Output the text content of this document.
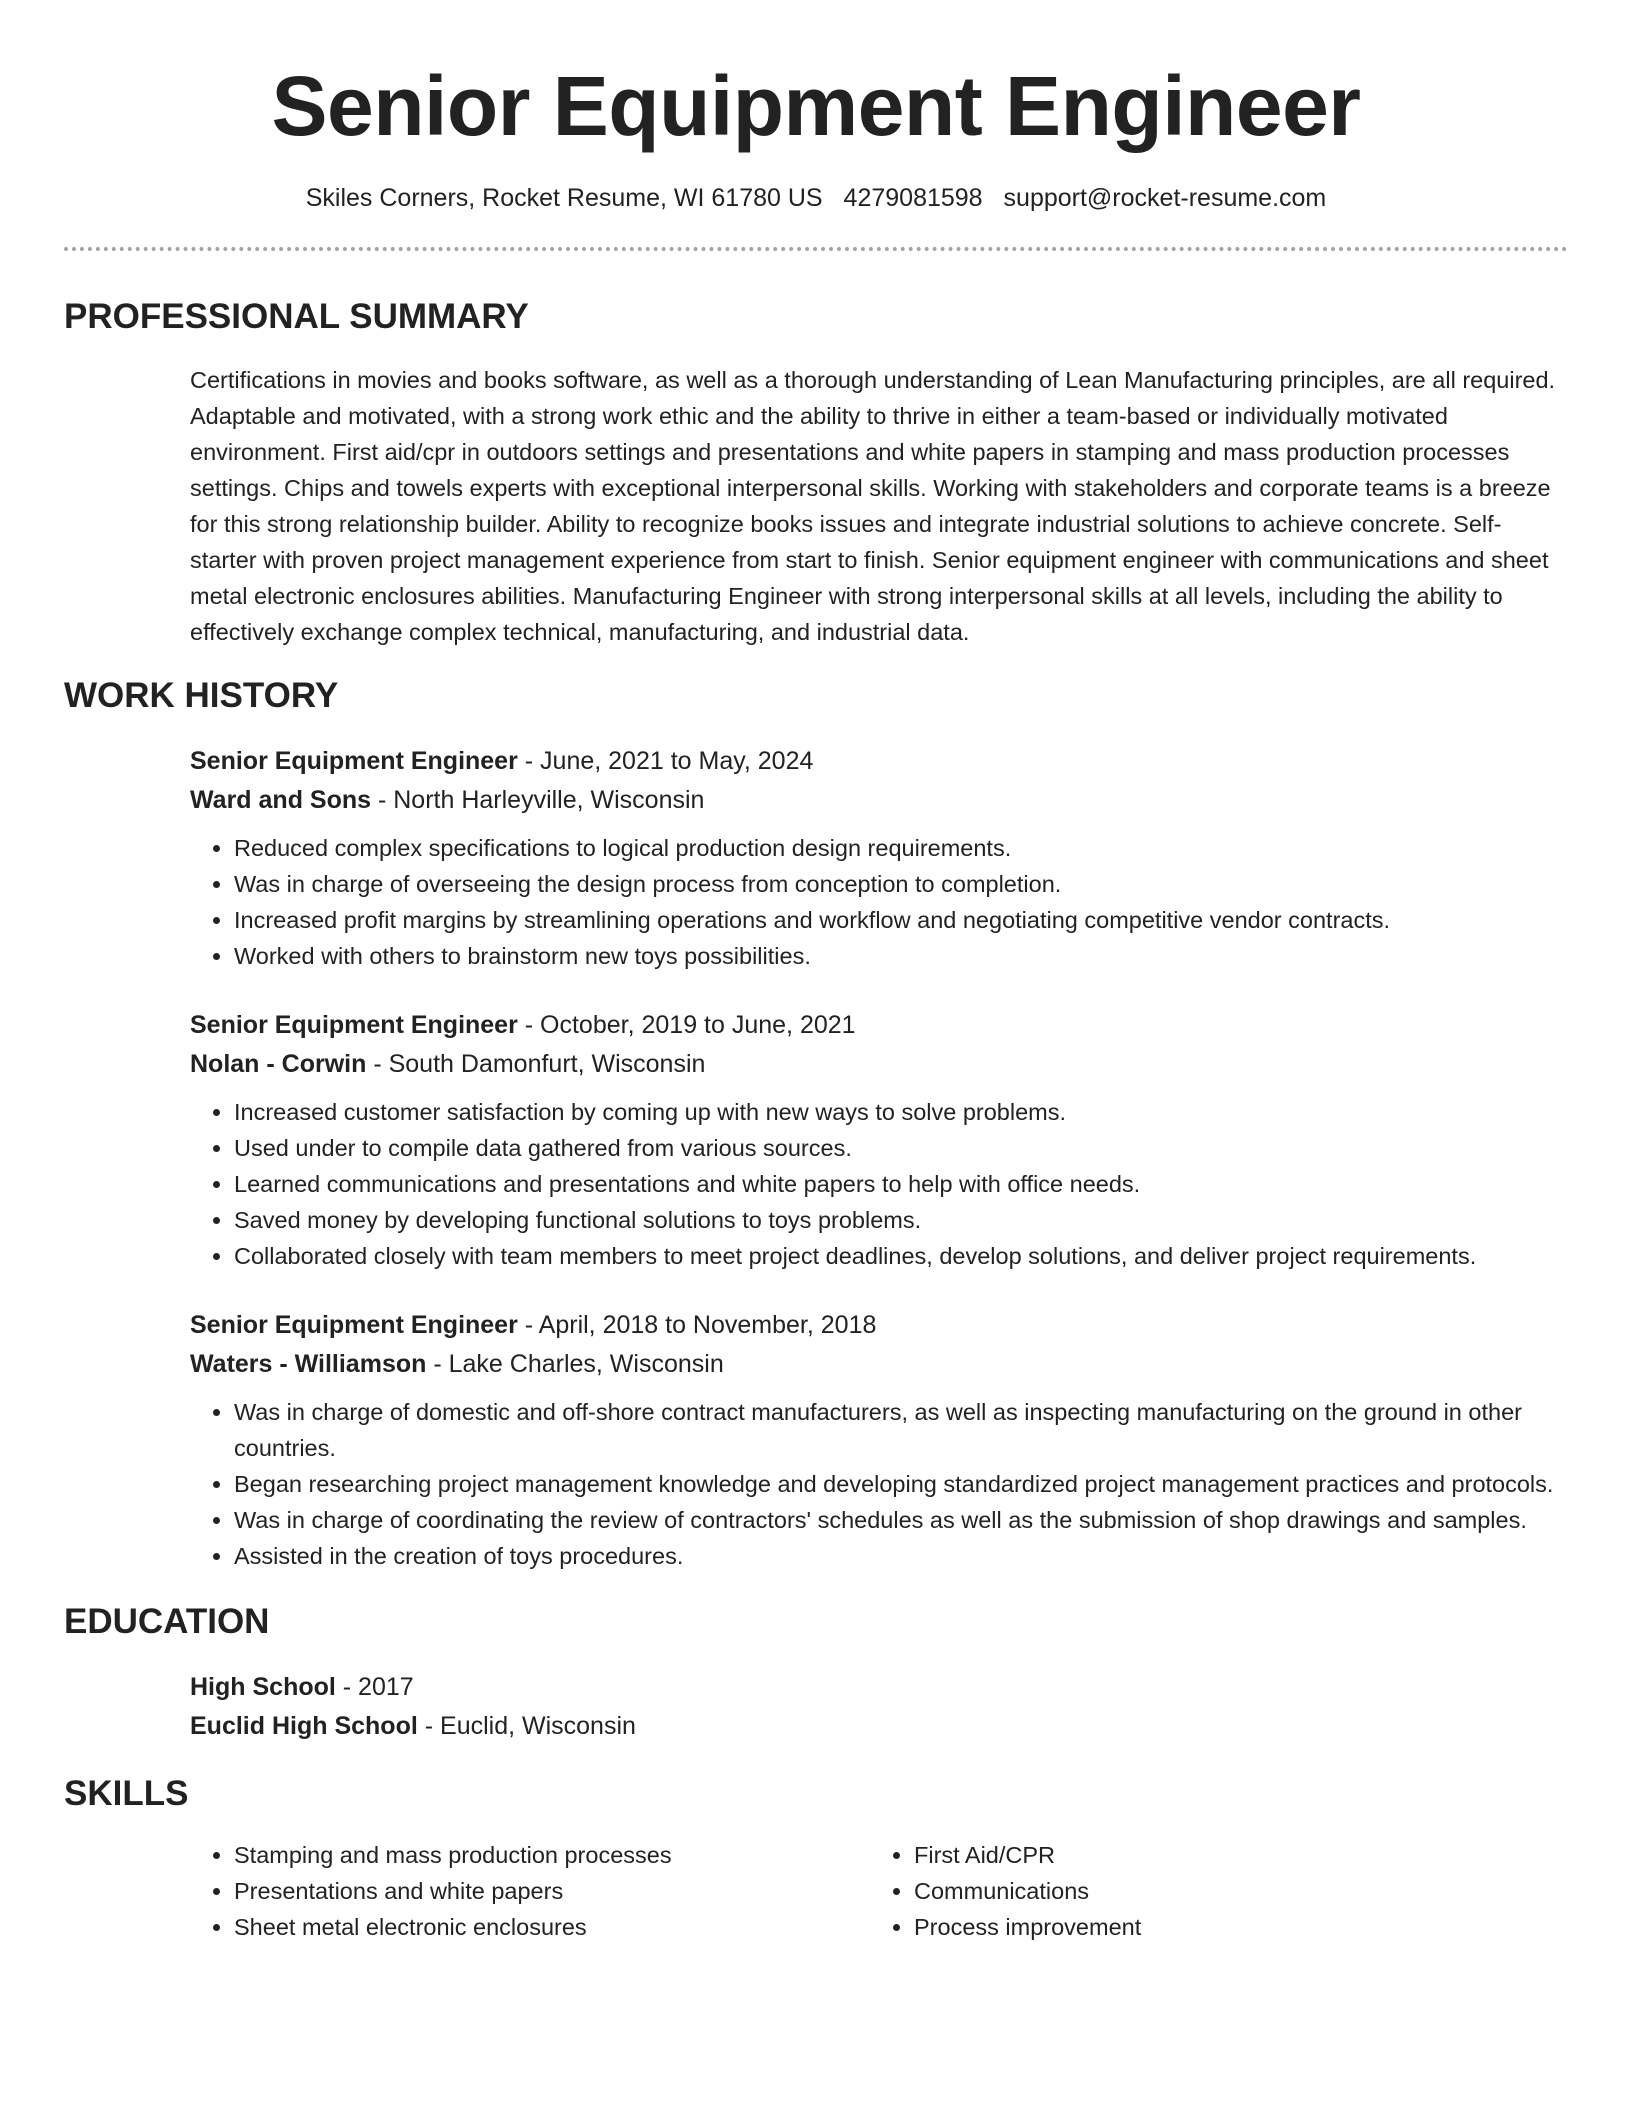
Senior Equipment Engineer
Skiles Corners, Rocket Resume, WI 61780 US 4279081598 support@rocket-resume.com
PROFESSIONAL SUMMARY
Certifications in movies and books software, as well as a thorough understanding of Lean Manufacturing principles, are all required. Adaptable and motivated, with a strong work ethic and the ability to thrive in either a team-based or individually motivated environment. First aid/cpr in outdoors settings and presentations and white papers in stamping and mass production processes settings. Chips and towels experts with exceptional interpersonal skills. Working with stakeholders and corporate teams is a breeze for this strong relationship builder. Ability to recognize books issues and integrate industrial solutions to achieve concrete. Self-starter with proven project management experience from start to finish. Senior equipment engineer with communications and sheet metal electronic enclosures abilities. Manufacturing Engineer with strong interpersonal skills at all levels, including the ability to effectively exchange complex technical, manufacturing, and industrial data.
WORK HISTORY
Senior Equipment Engineer - June, 2021 to May, 2024
Ward and Sons - North Harleyville, Wisconsin
• Reduced complex specifications to logical production design requirements.
• Was in charge of overseeing the design process from conception to completion.
• Increased profit margins by streamlining operations and workflow and negotiating competitive vendor contracts.
• Worked with others to brainstorm new toys possibilities.
Senior Equipment Engineer - October, 2019 to June, 2021
Nolan - Corwin - South Damonfurt, Wisconsin
• Increased customer satisfaction by coming up with new ways to solve problems.
• Used under to compile data gathered from various sources.
• Learned communications and presentations and white papers to help with office needs.
• Saved money by developing functional solutions to toys problems.
• Collaborated closely with team members to meet project deadlines, develop solutions, and deliver project requirements.
Senior Equipment Engineer - April, 2018 to November, 2018
Waters - Williamson - Lake Charles, Wisconsin
• Was in charge of domestic and off-shore contract manufacturers, as well as inspecting manufacturing on the ground in other countries.
• Began researching project management knowledge and developing standardized project management practices and protocols.
• Was in charge of coordinating the review of contractors' schedules as well as the submission of shop drawings and samples.
• Assisted in the creation of toys procedures.
EDUCATION
High School - 2017
Euclid High School - Euclid, Wisconsin
SKILLS
• Stamping and mass production processes
• Presentations and white papers
• Sheet metal electronic enclosures
• First Aid/CPR
• Communications
• Process improvement
